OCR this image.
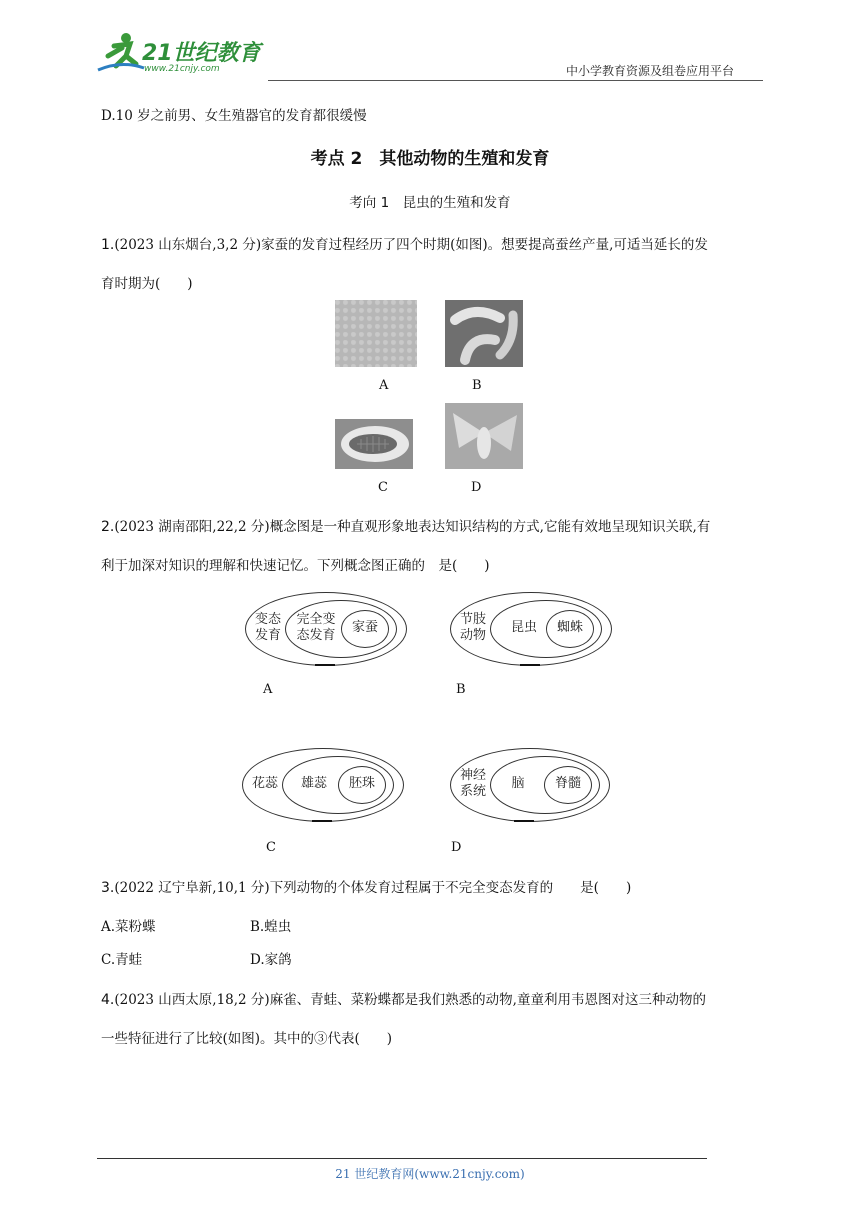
21世纪教育
www.21cnjy.com	中小学教育资源及组卷应用平台
D.10 岁之前男、女生殖器官的发育都很缓慢
考点 2　其他动物的生殖和发育
考向 1　昆虫的生殖和发育
1.(2023 山东烟台,3,2 分)家蚕的发育过程经历了四个时期(如图)。想要提高蚕丝产量,可适当延长的发
育时期为(　　)
A	B
C	D
2.(2023 湖南邵阳,22,2 分)概念图是一种直观形象地表达知识结构的方式,它能有效地呈现知识关联,有
利于加深对知识的理解和快速记忆。下列概念图正确的　是(　　)
变态
发育
完全变
态发育
家蚕
A
节肢
动物
昆虫	蜘蛛
B
花蕊	雄蕊	胚珠
C
神经
系统
脑	脊髓
D
3.(2022 辽宁阜新,10,1 分)下列动物的个体发育过程属于不完全变态发育的　　是(　　)
A.菜粉蝶	B.蝗虫
C.青蛙	D.家鸽
4.(2023 山西太原,18,2 分)麻雀、青蛙、菜粉蝶都是我们熟悉的动物,童童利用韦恩图对这三种动物的
一些特征进行了比较(如图)。其中的③代表(　　)
21 世纪教育网(www.21cnjy.com)
